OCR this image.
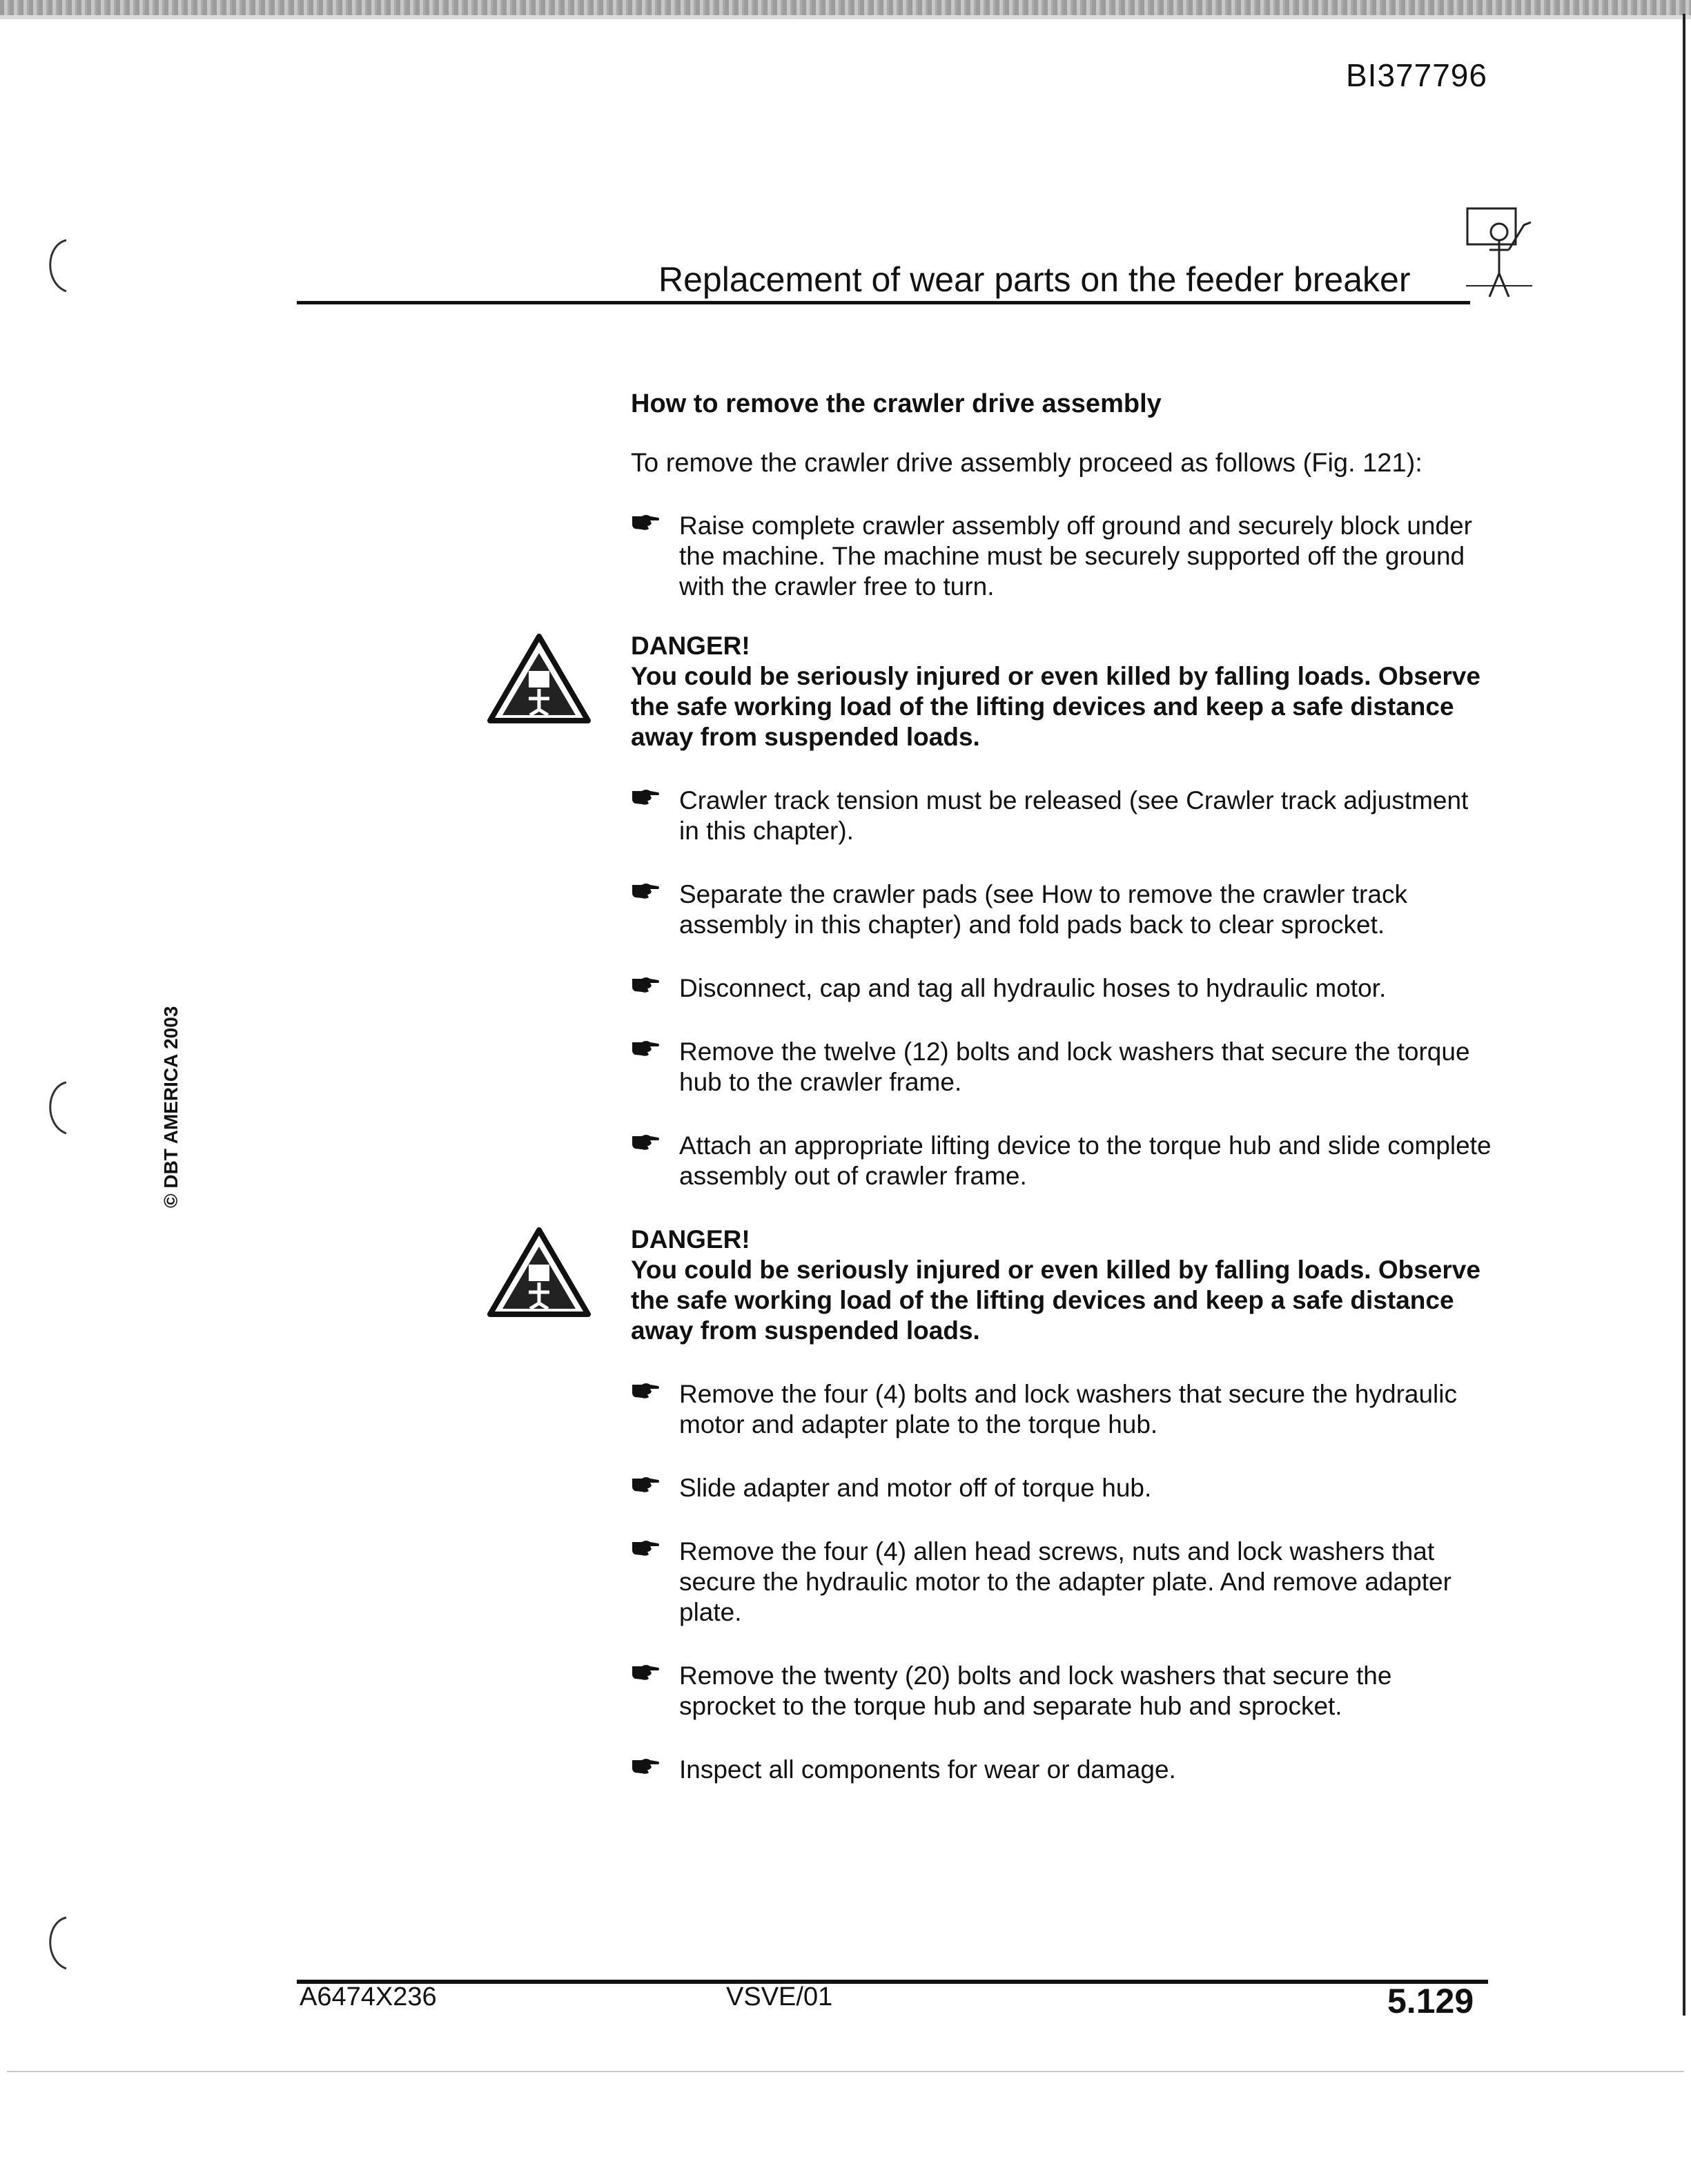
BI377796
Replacement of wear parts on the feeder breaker
How to remove the crawler drive assembly
To remove the crawler drive assembly proceed as follows (Fig. 121):
Raise complete crawler assembly off ground and securely block under the machine. The machine must be securely supported off the ground with the crawler free to turn.
DANGER!
You could be seriously injured or even killed by falling loads. Observe the safe working load of the lifting devices and keep a safe distance away from suspended loads.
Crawler track tension must be released (see Crawler track adjustment in this chapter).
Separate the crawler pads (see How to remove the crawler track assembly in this chapter) and fold pads back to clear sprocket.
Disconnect, cap and tag all hydraulic hoses to hydraulic motor.
Remove the twelve (12) bolts and lock washers that secure the torque hub to the crawler frame.
Attach an appropriate lifting device to the torque hub and slide complete assembly out of crawler frame.
DANGER!
You could be seriously injured or even killed by falling loads. Observe the safe working load of the lifting devices and keep a safe distance away from suspended loads.
Remove the four (4) bolts and lock washers that secure the hydraulic motor and adapter plate to the torque hub.
Slide adapter and motor off of torque hub.
Remove the four (4) allen head screws, nuts and lock washers that secure the hydraulic motor to the adapter plate. And remove adapter plate.
Remove the twenty (20) bolts and lock washers that secure the sprocket to the torque hub and separate hub and sprocket.
Inspect all components for wear or damage.
© DBT AMERICA 2003
A6474X236	VSVE/01	5.129
